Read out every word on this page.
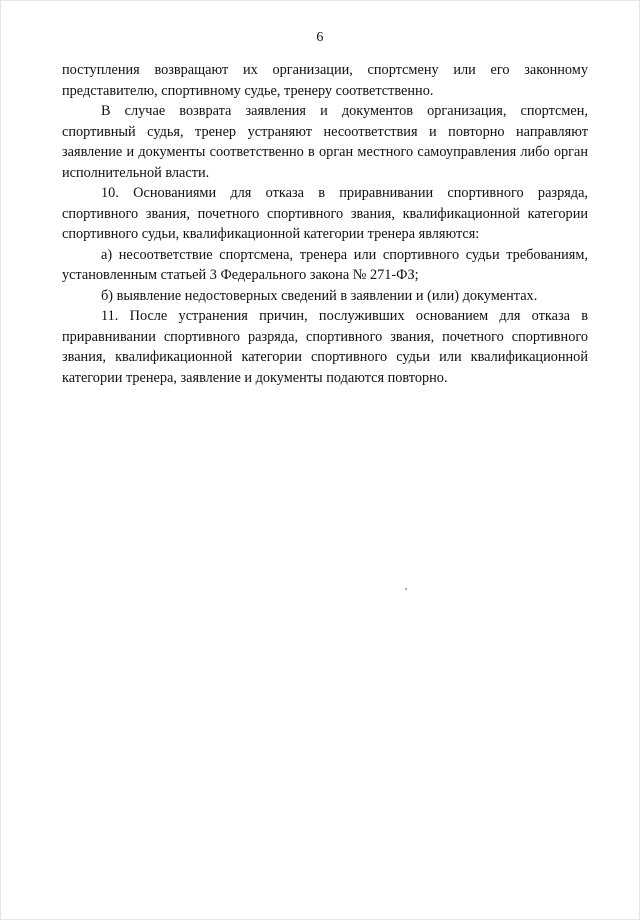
6

поступления возвращают их организации, спортсмену или его законному представителю, спортивному судье, тренеру соответственно.

В случае возврата заявления и документов организация, спортсмен, спортивный судья, тренер устраняют несоответствия и повторно направляют заявление и документы соответственно в орган местного самоуправления либо орган исполнительной власти.

10. Основаниями для отказа в приравнивании спортивного разряда, спортивного звания, почетного спортивного звания, квалификационной категории спортивного судьи, квалификационной категории тренера являются:

а) несоответствие спортсмена, тренера или спортивного судьи требованиям, установленным статьей 3 Федерального закона № 271-ФЗ;

б) выявление недостоверных сведений в заявлении и (или) документах.

11. После устранения причин, послуживших основанием для отказа в приравнивании спортивного разряда, спортивного звания, почетного спортивного звания, квалификационной категории спортивного судьи или квалификационной категории тренера, заявление и документы подаются повторно.
